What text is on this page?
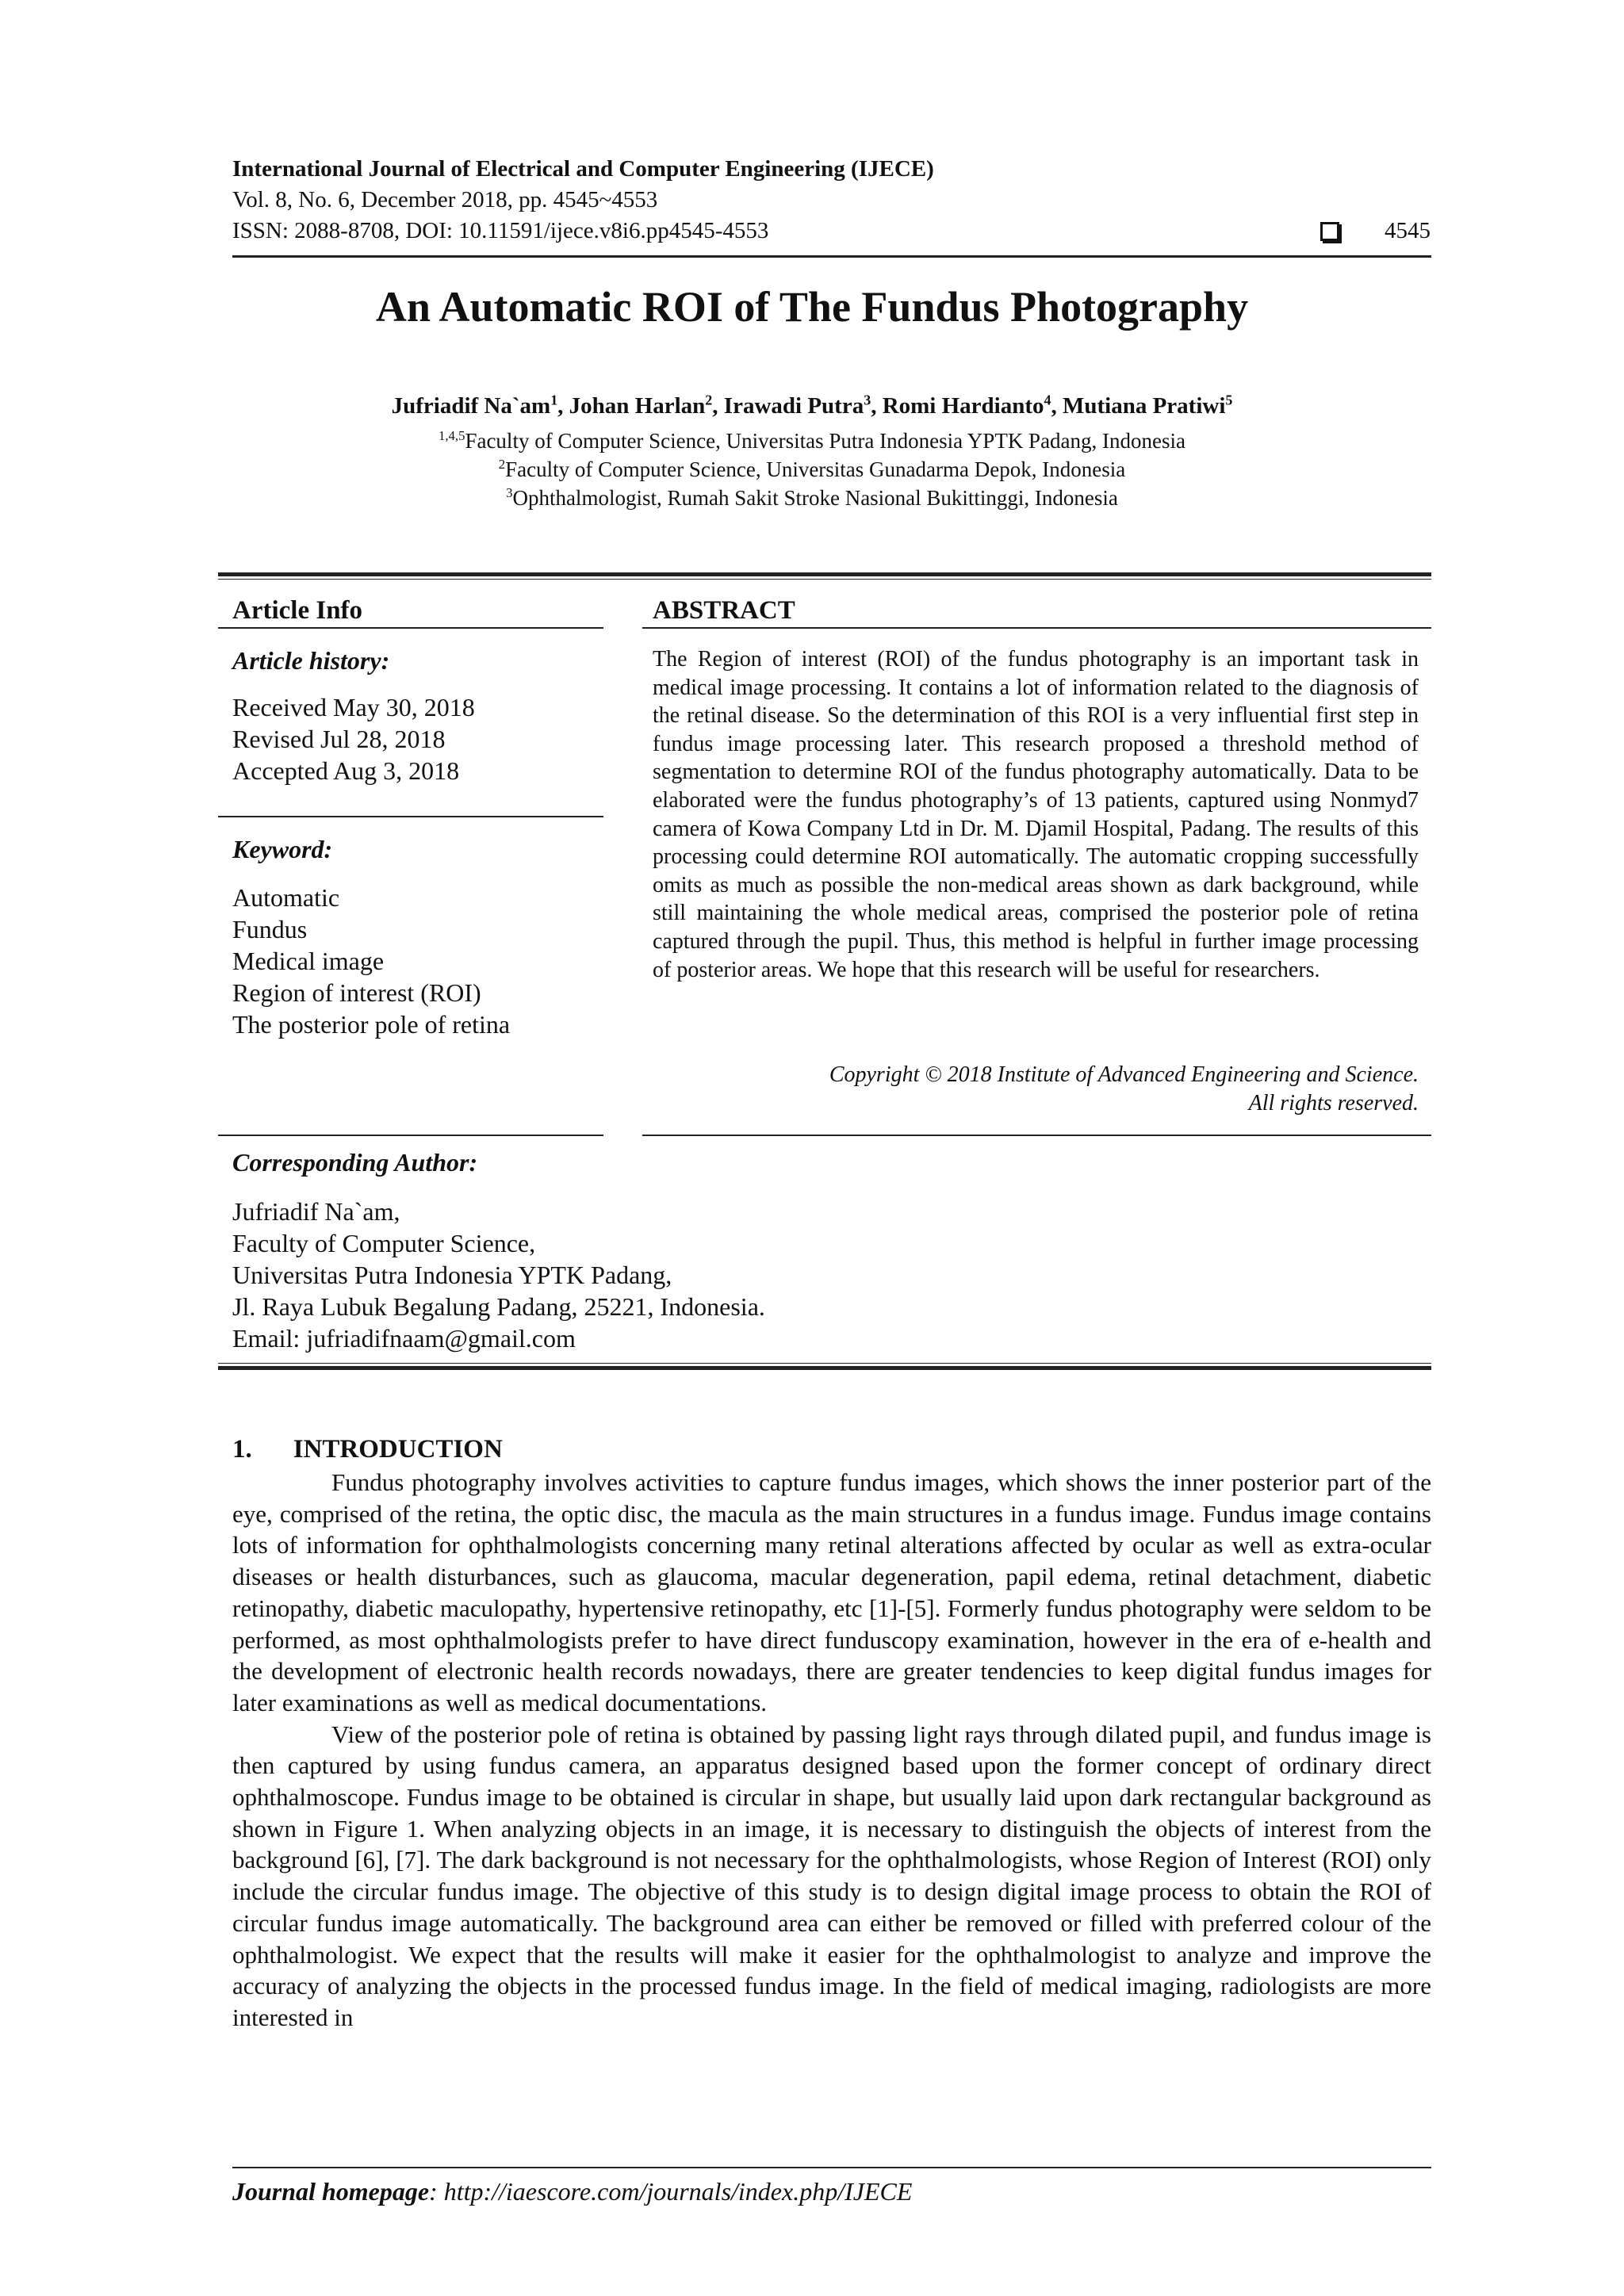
International Journal of Electrical and Computer Engineering (IJECE)
Vol. 8, No. 6, December 2018, pp. 4545~4553
ISSN: 2088-8708, DOI: 10.11591/ijece.v8i6.pp4545-4553	4545
An Automatic ROI of The Fundus Photography
Jufriadif $Na`am^1$, Johan Harlan$^2$, Irawadi Putra$^3$, Romi Hardianto$^4$, Mutiana Pratiwi$^5$
$^{1,4,5}$Faculty of Computer Science, Universitas Putra Indonesia YPTK Padang, Indonesia
$^2$Faculty of Computer Science, Universitas Gunadarma Depok, Indonesia
$^3$Ophthalmologist, Rumah Sakit Stroke Nasional Bukittinggi, Indonesia
Article Info
Article history:
Received May 30, 2018
Revised Jul 28, 2018
Accepted Aug 3, 2018
Keyword:
Automatic
Fundus
Medical image
Region of interest (ROI)
The posterior pole of retina
ABSTRACT
The Region of interest (ROI) of the fundus photography is an important task in medical image processing. It contains a lot of information related to the diagnosis of the retinal disease. So the determination of this ROI is a very influential first step in fundus image processing later. This research proposed a threshold method of segmentation to determine ROI of the fundus photography automatically. Data to be elaborated were the fundus photography’s of 13 patients, captured using Nonmyd7 camera of Kowa Company Ltd in Dr. M. Djamil Hospital, Padang. The results of this processing could determine ROI automatically. The automatic cropping successfully omits as much as possible the non-medical areas shown as dark background, while still maintaining the whole medical areas, comprised the posterior pole of retina captured through the pupil. Thus, this method is helpful in further image processing of posterior areas. We hope that this research will be useful for researchers.
Copyright © 2018 Institute of Advanced Engineering and Science.
All rights reserved.
Corresponding Author:
Jufriadif Na`am,
Faculty of Computer Science,
Universitas Putra Indonesia YPTK Padang,
Jl. Raya Lubuk Begalung Padang, 25221, Indonesia.
Email: jufriadifnaam@gmail.com
1. INTRODUCTION

Fundus photography involves activities to capture fundus images, which shows the inner posterior part of the eye, comprised of the retina, the optic disc, the macula as the main structures in a fundus image. Fundus image contains lots of information for ophthalmologists concerning many retinal alterations affected by ocular as well as extra-ocular diseases or health disturbances, such as glaucoma, macular degeneration, papil edema, retinal detachment, diabetic retinopathy, diabetic maculopathy, hypertensive retinopathy, etc [1]-[5]. Formerly fundus photography were seldom to be performed, as most ophthalmologists prefer to have direct funduscopy examination, however in the era of e-health and the development of electronic health records nowadays, there are greater tendencies to keep digital fundus images for later examinations as well as medical documentations.

View of the posterior pole of retina is obtained by passing light rays through dilated pupil, and fundus image is then captured by using fundus camera, an apparatus designed based upon the former concept of ordinary direct ophthalmoscope. Fundus image to be obtained is circular in shape, but usually laid upon dark rectangular background as shown in Figure 1. When analyzing objects in an image, it is necessary to distinguish the objects of interest from the background [6], [7]. The dark background is not necessary for the ophthalmologists, whose Region of Interest (ROI) only include the circular fundus image. The objective of this study is to design digital image process to obtain the ROI of circular fundus image automatically. The background area can either be removed or filled with preferred colour of the ophthalmologist. We expect that the results will make it easier for the ophthalmologist to analyze and improve the accuracy of analyzing the objects in the processed fundus image. In the field of medical imaging, radiologists are more interested in

Journal homepage: http://iaescore.com/journals/index.php/IJECE
